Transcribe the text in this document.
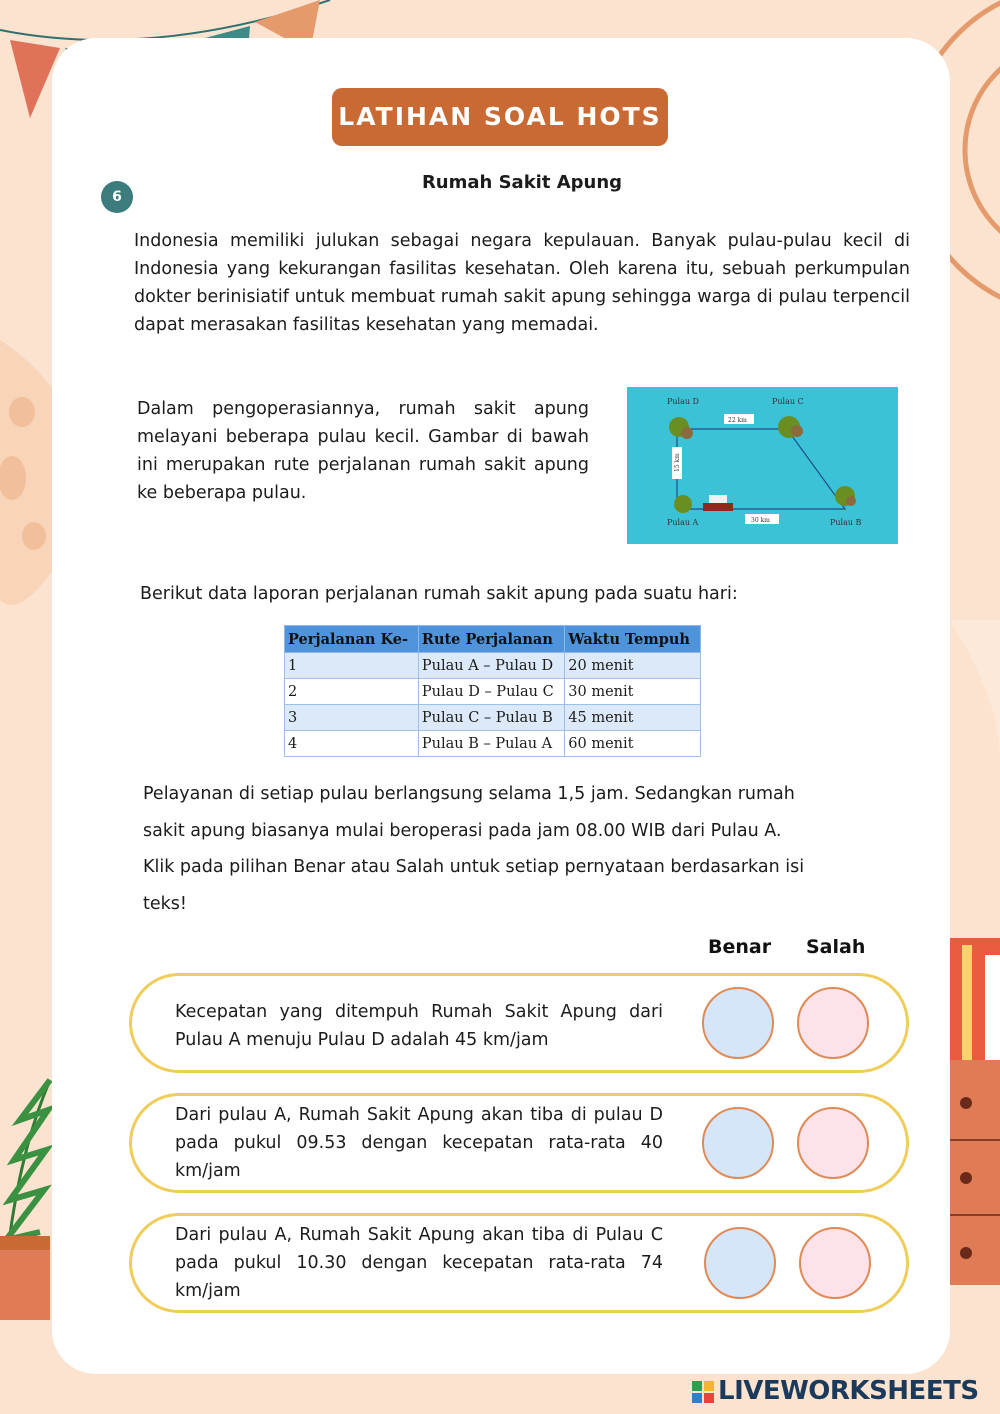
LATIHAN SOAL HOTS
6
Rumah Sakit Apung

Indonesia memiliki julukan sebagai negara kepulauan. Banyak pulau-pulau kecil di Indonesia yang kekurangan fasilitas kesehatan. Oleh karena itu, sebuah perkumpulan dokter berinisiatif untuk membuat rumah sakit apung sehingga warga di pulau terpencil dapat merasakan fasilitas kesehatan yang memadai.

Dalam pengoperasiannya, rumah sakit apung melayani beberapa pulau kecil. Gambar di bawah ini merupakan rute perjalanan rumah sakit apung ke beberapa pulau.

Pulau D	Pulau C
Pulau A	Pulau B
22 km
15 km
30 km

Berikut data laporan perjalanan rumah sakit apung pada suatu hari:

Perjalanan Ke-	Rute Perjalanan	Waktu Tempuh
1	Pulau A – Pulau D	20 menit
2	Pulau D – Pulau C	30 menit
3	Pulau C – Pulau B	45 menit
4	Pulau B – Pulau A	60 menit
Pelayanan di setiap pulau berlangsung selama 1,5 jam. Sedangkan rumah
sakit apung biasanya mulai beroperasi pada jam 08.00 WIB dari Pulau A.
Klik pada pilihan Benar atau Salah untuk setiap pernyataan berdasarkan isi
teks!
Benar Salah
Kecepatan yang ditempuh Rumah Sakit Apung dari Pulau A menuju Pulau D adalah 45 km/jam
Dari pulau A, Rumah Sakit Apung akan tiba di pulau D pada pukul 09.53 dengan kecepatan rata-rata 40 km/jam
Dari pulau A, Rumah Sakit Apung akan tiba di Pulau C pada pukul 10.30 dengan kecepatan rata-rata 74 km/jam
LIVEWORKSHEETS
